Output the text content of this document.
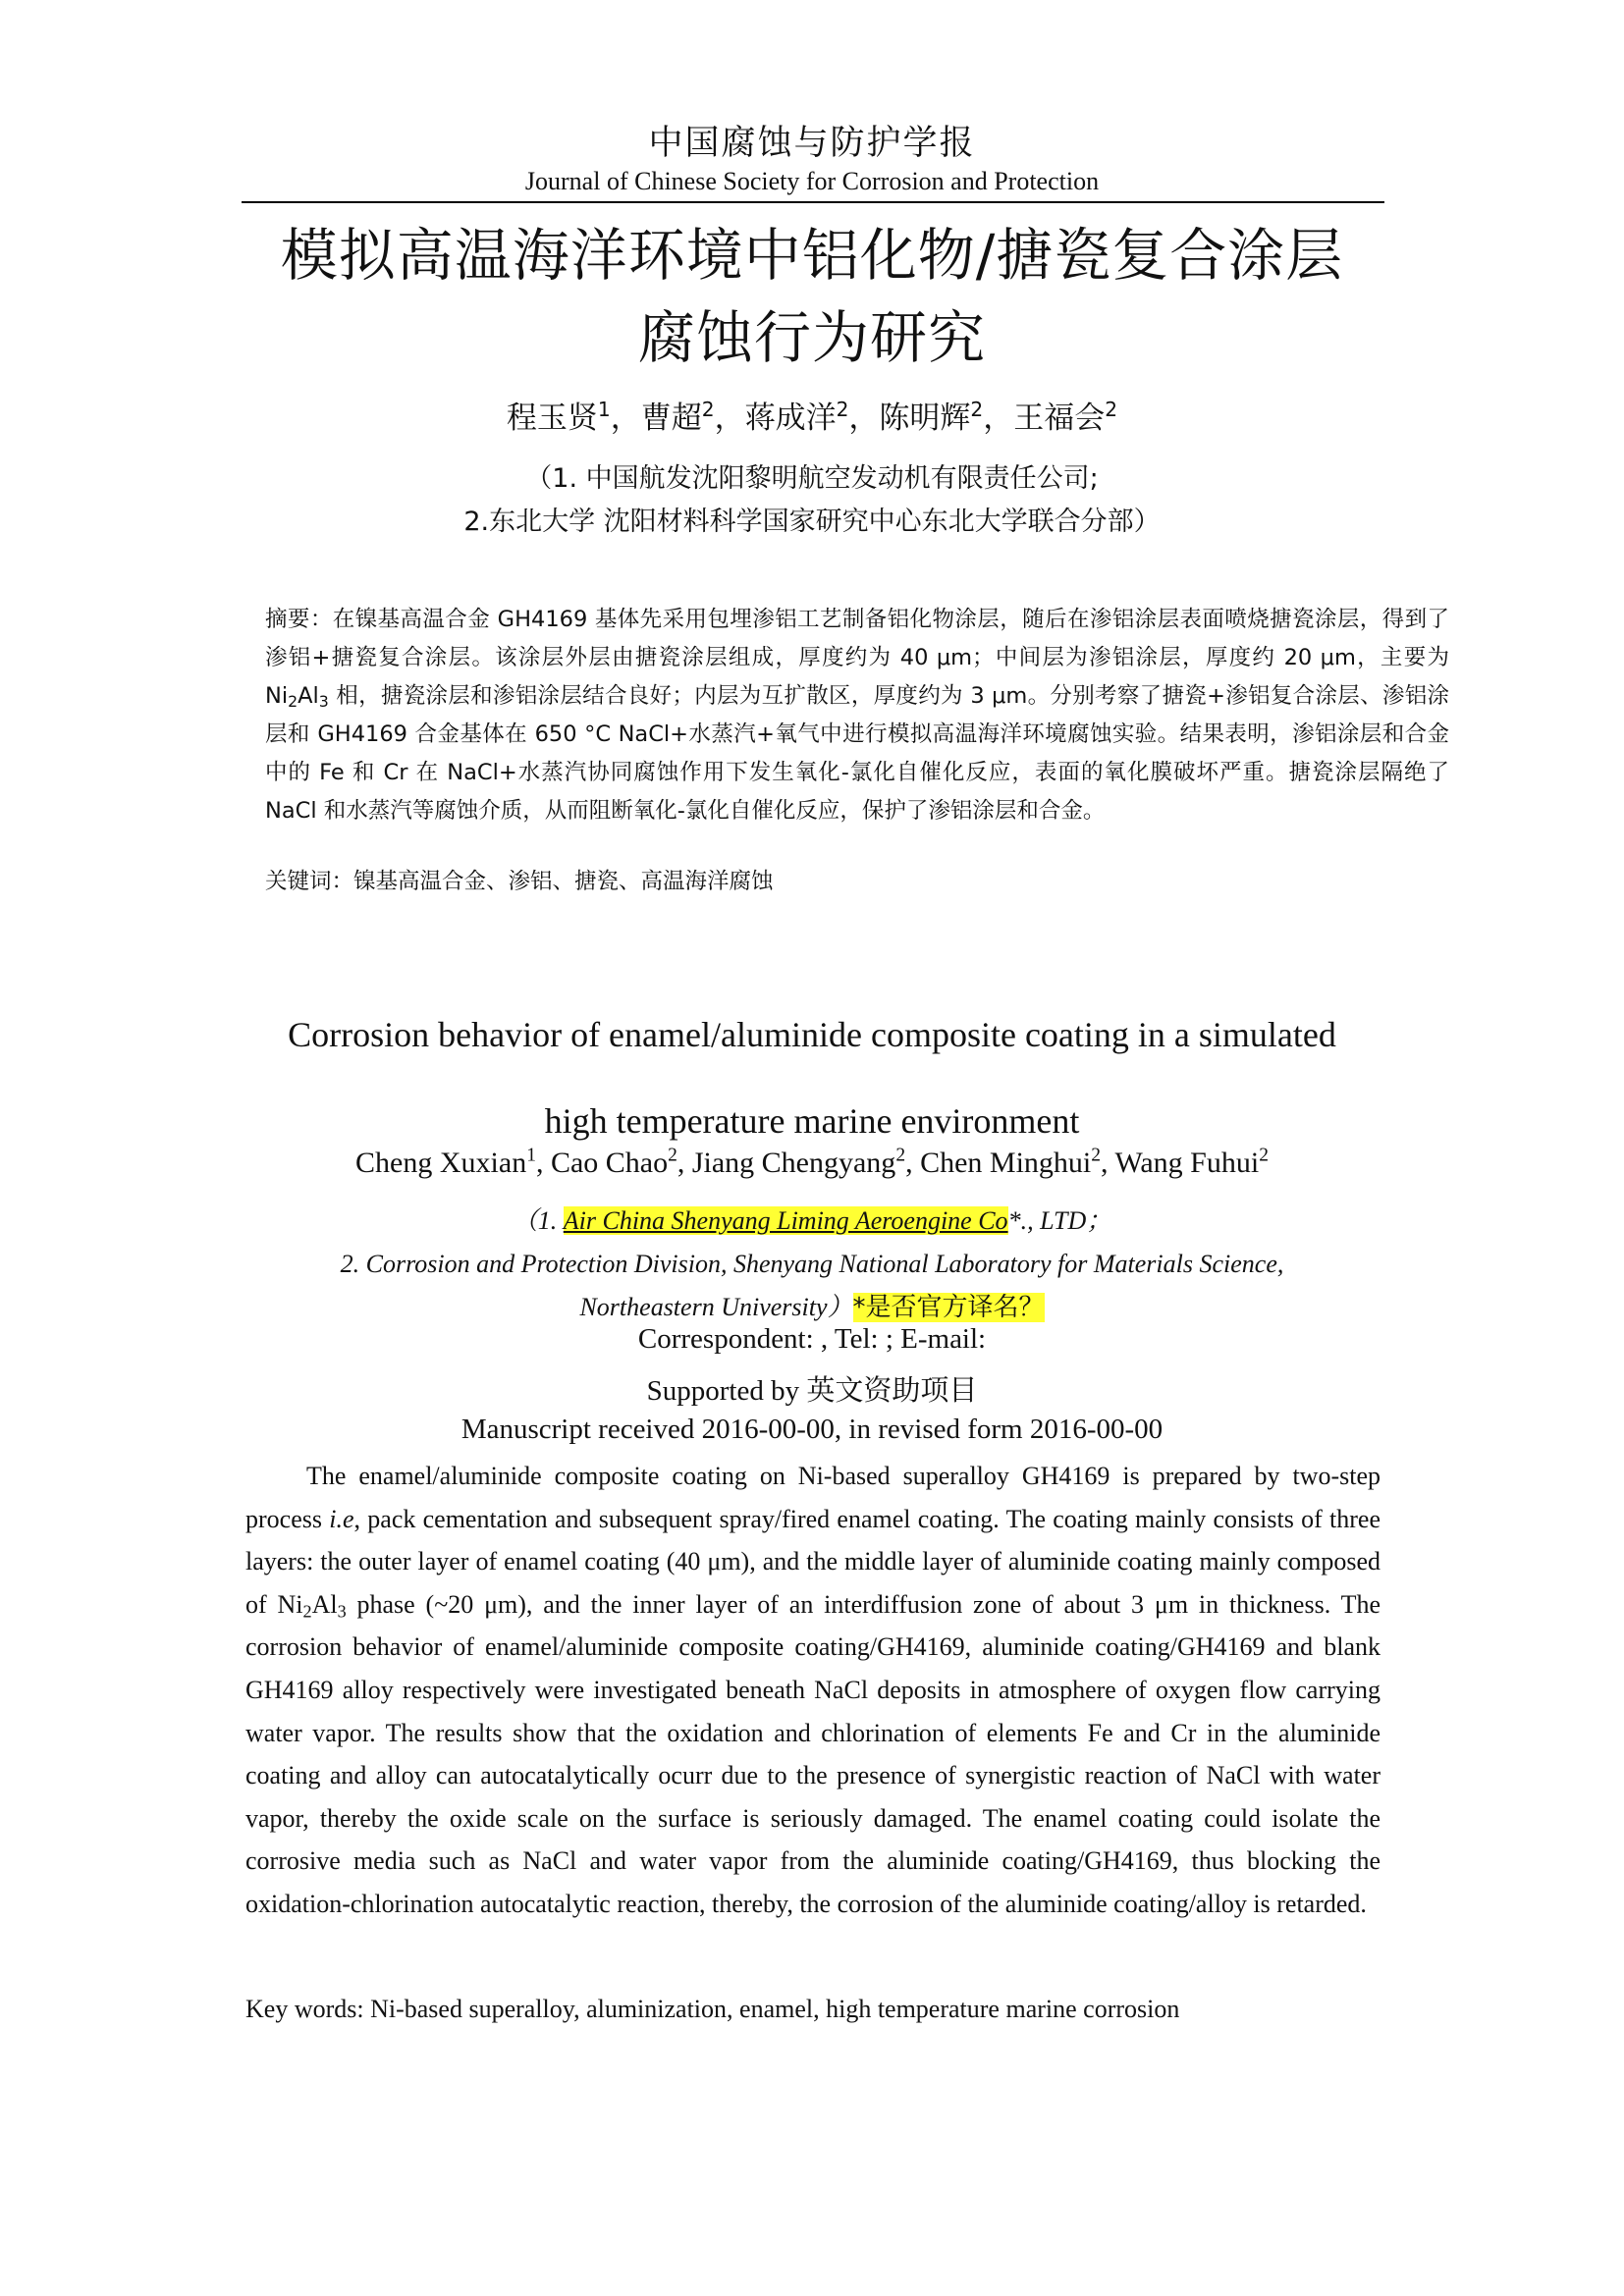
中国腐蚀与防护学报
Journal of Chinese Society for Corrosion and Protection
模拟高温海洋环境中铝化物/搪瓷复合涂层
腐蚀行为研究
程玉贤$^1$，曹超$^2$，蒋成洋$^2$，陈明辉$^2$，王福会$^2$
（1. 中国航发沈阳黎明航空发动机有限责任公司;
2.东北大学 沈阳材料科学国家研究中心东北大学联合分部）

摘要：在镍基高温合金 GH4169 基体先采用包埋渗铝工艺制备铝化物涂层，随后在渗铝涂层表面喷烧搪瓷涂层，得到了渗铝+搪瓷复合涂层。该涂层外层由搪瓷涂层组成，厚度约为 40 μm；中间层为渗铝涂层，厚度约 20 μm，主要为 $Ni_2Al_3$ 相，搪瓷涂层和渗铝涂层结合良好；内层为互扩散区，厚度约为 3 μm。分别考察了搪瓷+渗铝复合涂层、渗铝涂层和 GH4169 合金基体在 650 °C NaCl+水蒸汽+氧气中进行模拟高温海洋环境腐蚀实验。结果表明，渗铝涂层和合金中的 Fe 和 Cr 在 NaCl+水蒸汽协同腐蚀作用下发生氧化-氯化自催化反应，表面的氧化膜破坏严重。搪瓷涂层隔绝了 NaCl 和水蒸汽等腐蚀介质，从而阻断氧化-氯化自催化反应，保护了渗铝涂层和合金。

关键词：镍基高温合金、渗铝、搪瓷、高温海洋腐蚀
Corrosion behavior of enamel/aluminide composite coating in a simulated
high temperature marine environment
Cheng Xuxian$^1$, Cao Chao$^2$, Jiang Chengyang$^2$, Chen Minghui$^2$, Wang Fuhui$^2$
（1. Air China Shenyang Liming Aeroengine Co*., LTD；
2. Corrosion and Protection Division, Shenyang National Laboratory for Materials Science,
Northeastern University）*是否官方译名？
Correspondent: , Tel: ; E-mail:
Supported by 英文资助项目
Manuscript received 2016-00-00, in revised form 2016-00-00

The enamel/aluminide composite coating on Ni-based superalloy GH4169 is prepared by two-step process i.e, pack cementation and subsequent spray/fired enamel coating. The coating mainly consists of three layers: the outer layer of enamel coating (40 μm), and the middle layer of aluminide coating mainly composed of $Ni_2Al_3$ phase (~20 μm), and the inner layer of an interdiffusion zone of about 3 μm in thickness. The corrosion behavior of enamel/aluminide composite coating/GH4169, aluminide coating/GH4169 and blank GH4169 alloy respectively were investigated beneath NaCl deposits in atmosphere of oxygen flow carrying water vapor. The results show that the oxidation and chlorination of elements Fe and Cr in the aluminide coating and alloy can autocatalytically ocurr due to the presence of synergistic reaction of NaCl with water vapor, thereby the oxide scale on the surface is seriously damaged. The enamel coating could isolate the corrosive media such as NaCl and water vapor from the aluminide coating/GH4169, thus blocking the oxidation-chlorination autocatalytic reaction, thereby, the corrosion of the aluminide coating/alloy is retarded.

Key words: Ni-based superalloy, aluminization, enamel, high temperature marine corrosion
